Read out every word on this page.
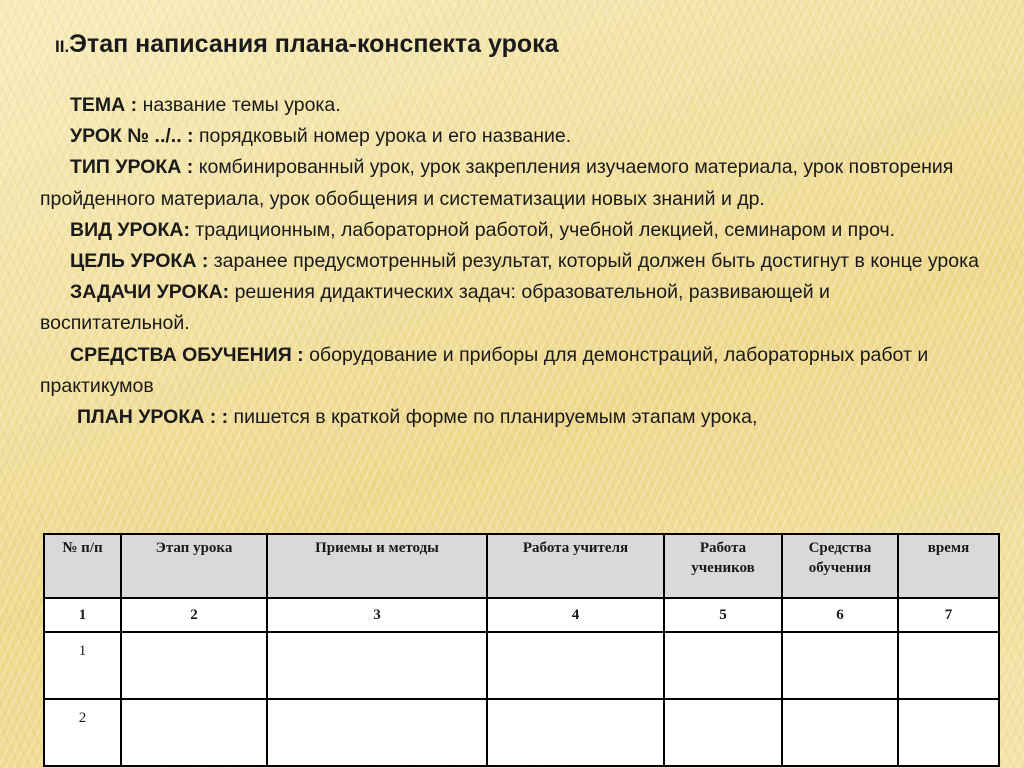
II.Этап написания плана-конспекта урока

ТЕМА : название темы урока.

УРОК № ../.. : порядковый номер урока и его название.

ТИП УРОКА : комбинированный урок, урок закрепления изучаемого материала, урок повторения пройденного материала, урок обобщения и систематизации новых знаний и др.

ВИД УРОКА: традиционным, лабораторной работой, учебной лекцией, семинаром и проч.

ЦЕЛЬ УРОКА : заранее предусмотренный результат, который должен быть достигнут в конце урока

ЗАДАЧИ УРОКА: решения дидактических задач: образовательной, развивающей и воспитательной.

СРЕДСТВА ОБУЧЕНИЯ : оборудование и приборы для демонстраций, лабораторных работ и практикумов

ПЛАН УРОКА : : пишется в краткой форме по планируемым этапам урока,

№ п/п	Этап урока	Приемы и методы	Работа учителя	Работа учеников	Средства обучения	время
1	2	3	4	5	6	7
1						
2						
